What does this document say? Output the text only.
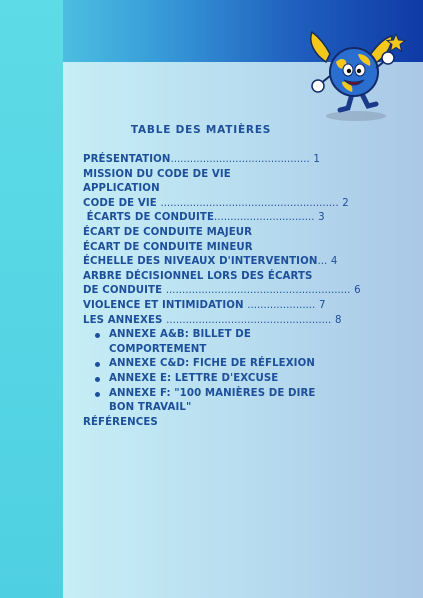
TABLE DES MATIÈRES
PRÉSENTATION........................................... 1
MISSION DU CODE DE VIE
APPLICATION
CODE DE VIE ....................................................... 2
ÉCARTS DE CONDUITE............................... 3
ÉCART DE CONDUITE MAJEUR
ÉCART DE CONDUITE MINEUR
ÉCHELLE DES NIVEAUX D'INTERVENTION... 4
ARBRE DÉCISIONNEL LORS DES ÉCARTS
DE CONDUITE ......................................................... 6
VIOLENCE ET INTIMIDATION ..................... 7
LES ANNEXES ................................................... 8
ANNEXE A&B: BILLET DE COMPORTEMENT
ANNEXE C&D: FICHE DE RÉFLEXION
ANNEXE E: LETTRE D'EXCUSE
ANNEXE F: "100 MANIÈRES DE DIRE BON TRAVAIL"
RÉFÉRENCES
